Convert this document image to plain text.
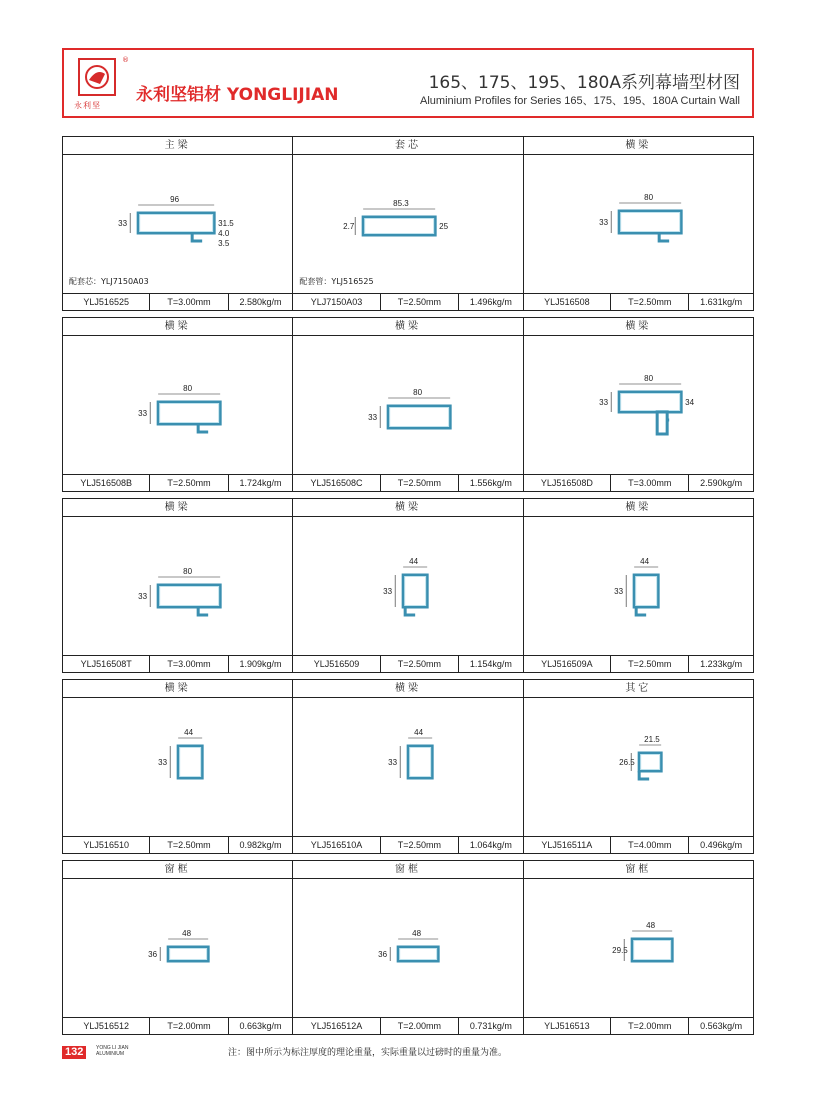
永利坚
®
永利坚铝材 YONGLIJIAN
165、175、195、180A系列幕墙型材图
Aluminium Profiles for Series 165、175、195、180A Curtain Wall
主梁
96
33	31.5
4.0
3.5
配套芯：YLJ7150A03
YLJ516525	T=3.00mm	2.580kg/m
套芯
85.3
2.7	25
配套管：YLJ516525
YLJ7150A03	T=2.50mm	1.496kg/m
横梁
80
33
YLJ516508	T=2.50mm	1.631kg/m
横梁
80
33
YLJ516508B	T=2.50mm	1.724kg/m
横梁
80
33
YLJ516508C	T=2.50mm	1.556kg/m
横梁
80
33	34
YLJ516508D	T=3.00mm	2.590kg/m
横梁
80
33
YLJ516508T	T=3.00mm	1.909kg/m
横梁
44
33
YLJ516509	T=2.50mm	1.154kg/m
横梁
44
33
YLJ516509A	T=2.50mm	1.233kg/m
横梁
44
33
YLJ516510	T=2.50mm	0.982kg/m
横梁
44
33
YLJ516510A	T=2.50mm	1.064kg/m
其它
21.5
26.5
YLJ516511A	T=4.00mm	0.496kg/m
窗框
48
36
YLJ516512	T=2.00mm	0.663kg/m
窗框
48
36
YLJ516512A	T=2.00mm	0.731kg/m
窗框
48
29.5
YLJ516513	T=2.00mm	0.563kg/m
132	YONG LI JIAN
ALUMINIUM	注：图中所示为标注厚度的理论重量，实际重量以过磅时的重量为准。
